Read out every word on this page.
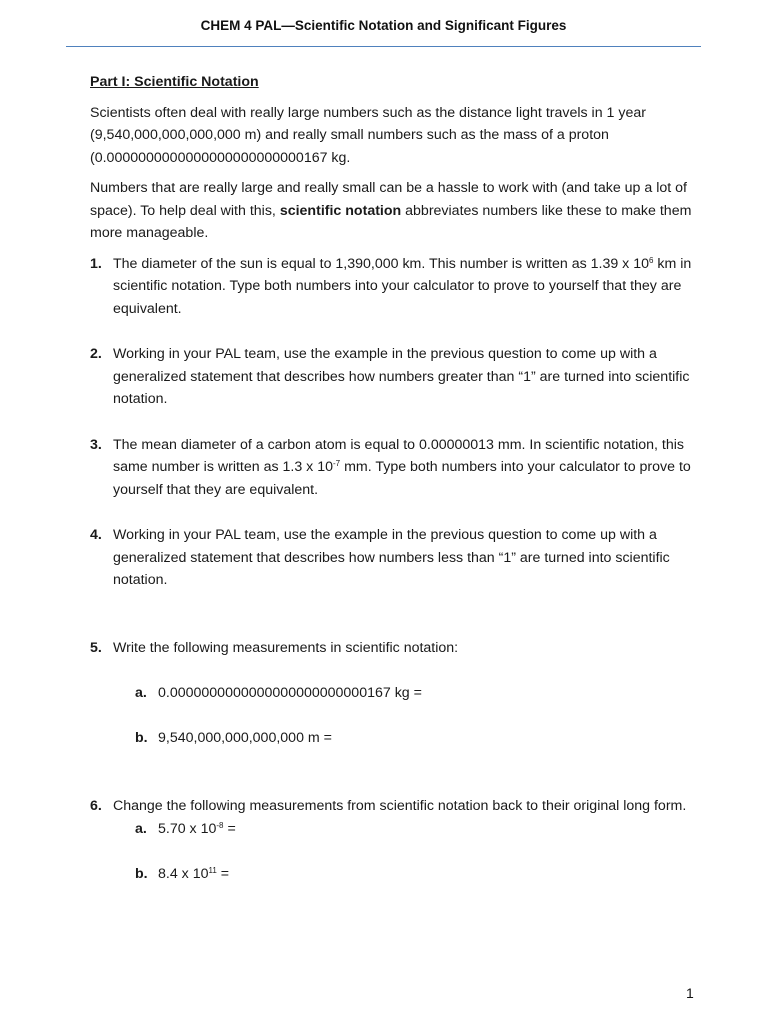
CHEM 4 PAL—Scientific Notation and Significant Figures
Part I: Scientific Notation
Scientists often deal with really large numbers such as the distance light travels in 1 year
(9,540,000,000,000,000 m) and really small numbers such as the mass of a proton
(0.0000000000000000000000000167 kg.
Numbers that are really large and really small can be a hassle to work with (and take up a lot of space). To help deal with this, scientific notation abbreviates numbers like these to make them more manageable.
1. The diameter of the sun is equal to 1,390,000 km. This number is written as 1.39 x $10^6$ km in scientific notation. Type both numbers into your calculator to prove to yourself that they are equivalent.
2. Working in your PAL team, use the example in the previous question to come up with a generalized statement that describes how numbers greater than “1” are turned into scientific notation.
3. The mean diameter of a carbon atom is equal to 0.00000013 mm. In scientific notation, this same number is written as 1.3 x $10^{-7}$ mm. Type both numbers into your calculator to prove to yourself that they are equivalent.
4. Working in your PAL team, use the example in the previous question to come up with a generalized statement that describes how numbers less than “1” are turned into scientific notation.
5. Write the following measurements in scientific notation:
a. 0.0000000000000000000000000167 kg =
b. 9,540,000,000,000,000 m =
6. Change the following measurements from scientific notation back to their original long form.
a. 5.70 x $10^{-8}$ =
b. 8.4 x $10^{11}$ =
1
